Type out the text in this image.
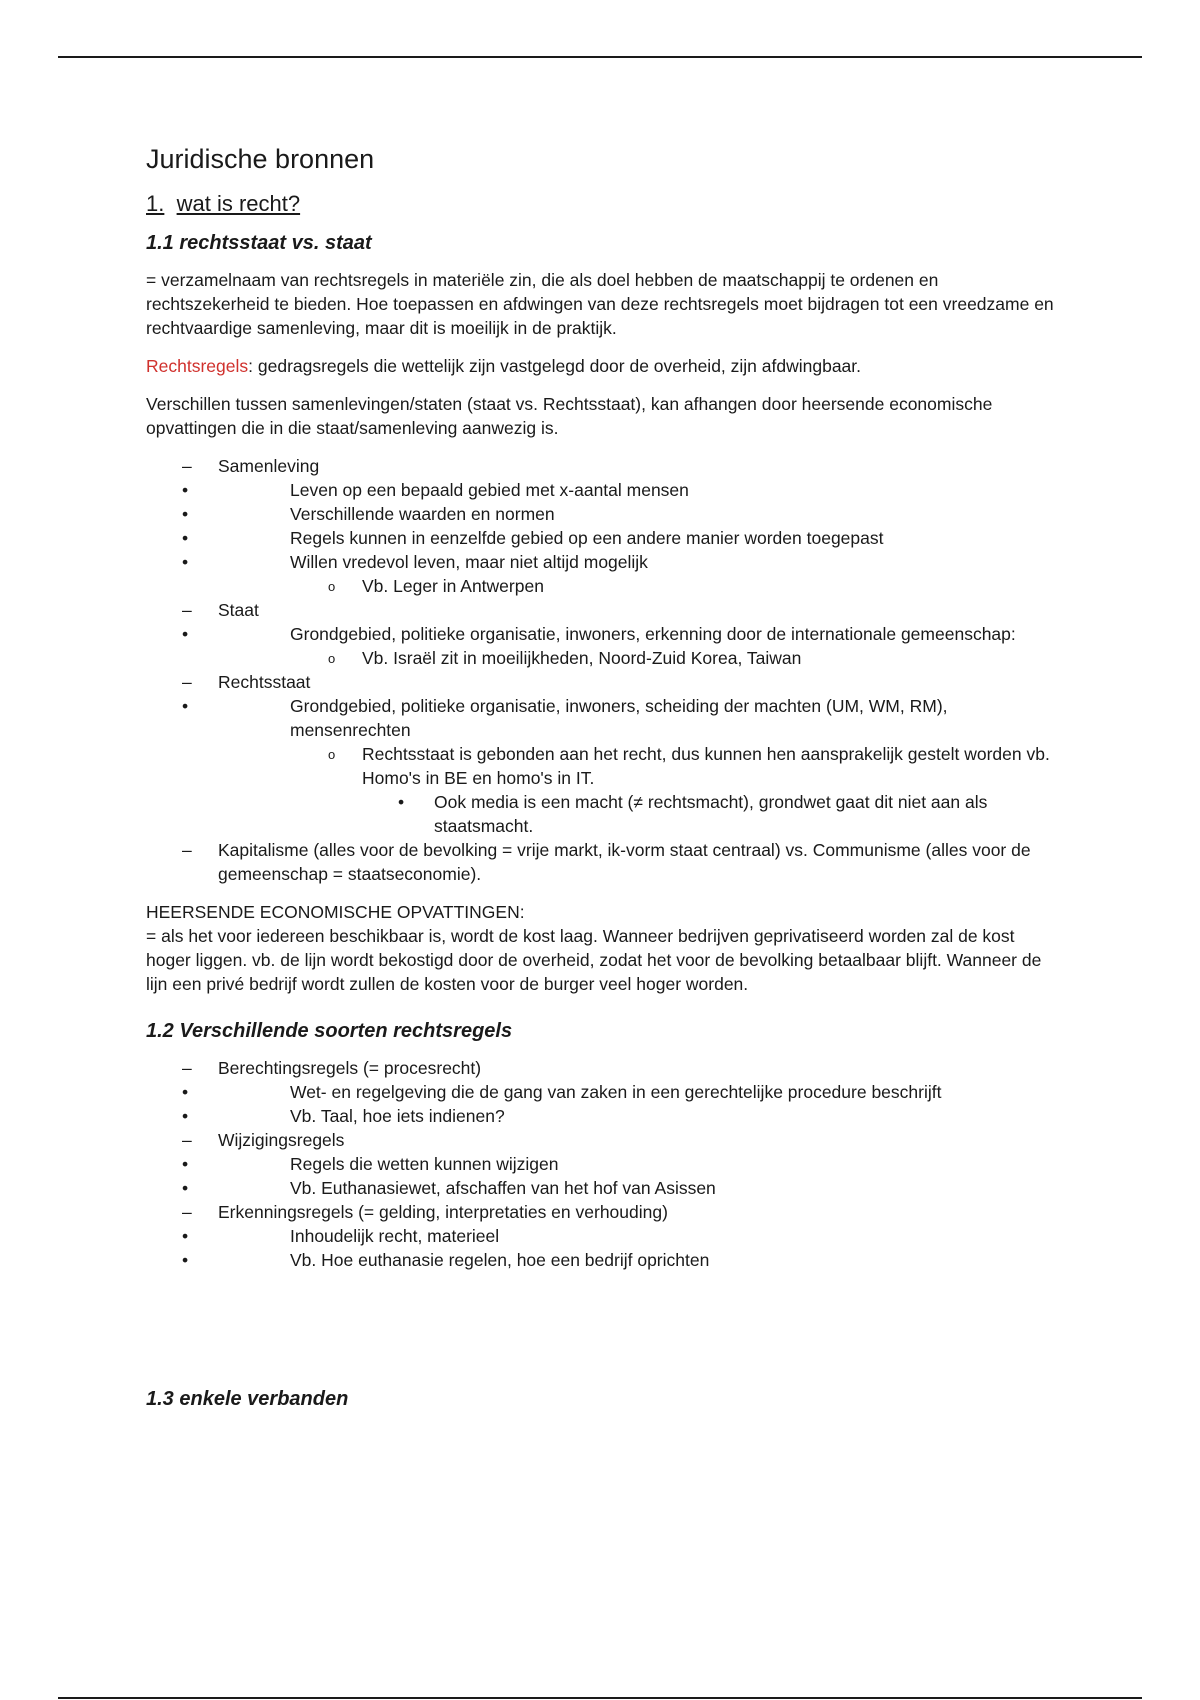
Juridische bronnen
1. wat is recht?
1.1 rechtsstaat vs. staat

= verzamelnaam van rechtsregels in materiële zin, die als doel hebben de maatschappij te ordenen en rechtszekerheid te bieden. Hoe toepassen en afdwingen van deze rechtsregels moet bijdragen tot een vreedzame en rechtvaardige samenleving, maar dit is moeilijk in de praktijk.

Rechtsregels: gedragsregels die wettelijk zijn vastgelegd door de overheid, zijn afdwingbaar.

Verschillen tussen samenlevingen/staten (staat vs. Rechtsstaat), kan afhangen door heersende economische opvattingen die in die staat/samenleving aanwezig is.

– Samenleving
• Leven op een bepaald gebied met x-aantal mensen
• Verschillende waarden en normen
• Regels kunnen in eenzelfde gebied op een andere manier worden toegepast
• Willen vredevol leven, maar niet altijd mogelijk
o Vb. Leger in Antwerpen
– Staat
• Grondgebied, politieke organisatie, inwoners, erkenning door de internationale gemeenschap:
o Vb. Israël zit in moeilijkheden, Noord-Zuid Korea, Taiwan
– Rechtsstaat
• Grondgebied, politieke organisatie, inwoners, scheiding der machten (UM, WM, RM), mensenrechten
o Rechtsstaat is gebonden aan het recht, dus kunnen hen aansprakelijk gestelt worden vb. Homo's in BE en homo's in IT.
• Ook media is een macht (≠ rechtsmacht), grondwet gaat dit niet aan als staatsmacht.
– Kapitalisme (alles voor de bevolking = vrije markt, ik-vorm staat centraal) vs. Communisme (alles voor de gemeenschap = staatseconomie).
HEERSENDE ECONOMISCHE OPVATTINGEN:
= als het voor iedereen beschikbaar is, wordt de kost laag. Wanneer bedrijven geprivatiseerd worden zal de kost hoger liggen. vb. de lijn wordt bekostigd door de overheid, zodat het voor de bevolking betaalbaar blijft. Wanneer de lijn een privé bedrijf wordt zullen de kosten voor de burger veel hoger worden.
1.2 Verschillende soorten rechtsregels
– Berechtingsregels (= procesrecht)
• Wet- en regelgeving die de gang van zaken in een gerechtelijke procedure beschrijft
• Vb. Taal, hoe iets indienen?
– Wijzigingsregels
• Regels die wetten kunnen wijzigen
• Vb. Euthanasiewet, afschaffen van het hof van Asissen
– Erkenningsregels (= gelding, interpretaties en verhouding)
• Inhoudelijk recht, materieel
• Vb. Hoe euthanasie regelen, hoe een bedrijf oprichten
1.3 enkele verbanden
